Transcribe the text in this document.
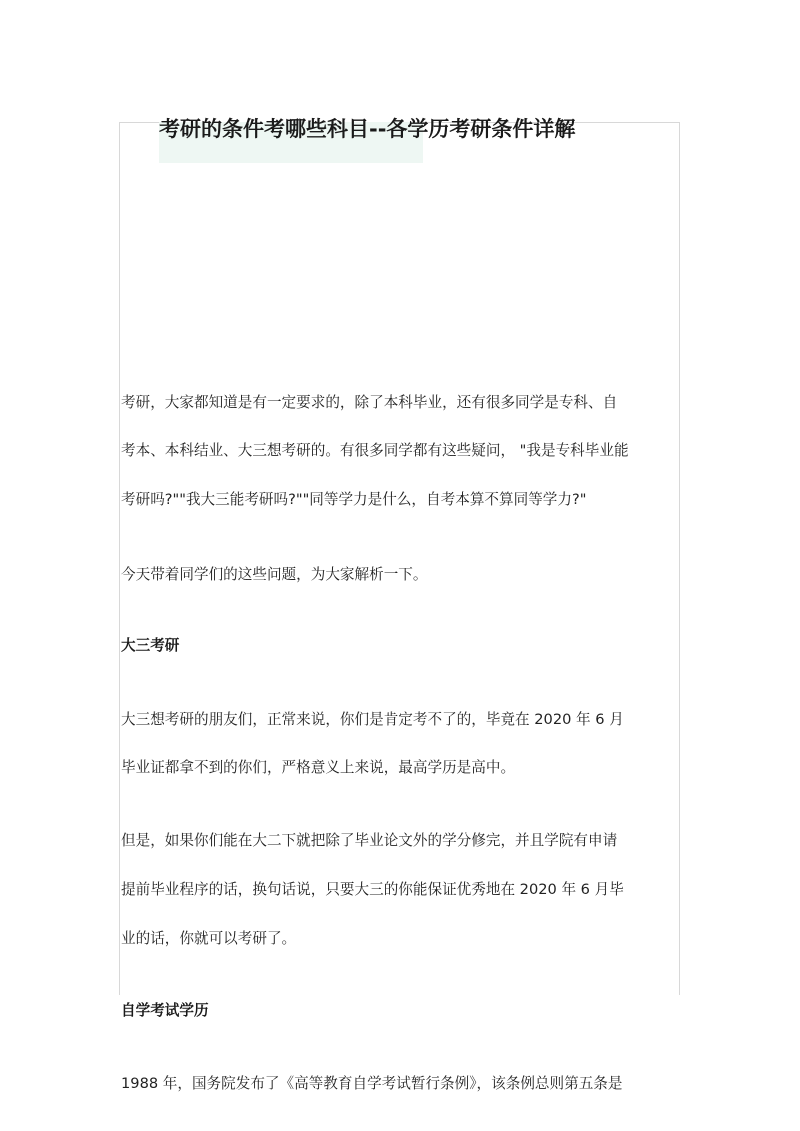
考研的条件考哪些科目--各学历考研条件详解

考研，大家都知道是有一定要求的，除了本科毕业，还有很多同学是专科、自

考本、本科结业、大三想考研的。有很多同学都有这些疑问， "我是专科毕业能

考研吗?""我大三能考研吗?""同等学力是什么，自考本算不算同等学力?"

今天带着同学们的这些问题，为大家解析一下。

大三考研

大三想考研的朋友们，正常来说，你们是肯定考不了的，毕竟在 2020 年 6 月

毕业证都拿不到的你们，严格意义上来说，最高学历是高中。

但是，如果你们能在大二下就把除了毕业论文外的学分修完，并且学院有申请

提前毕业程序的话，换句话说，只要大三的你能保证优秀地在 2020 年 6 月毕

业的话，你就可以考研了。

自学考试学历

1988 年，国务院发布了《高等教育自学考试暂行条例》，该条例总则第五条是
